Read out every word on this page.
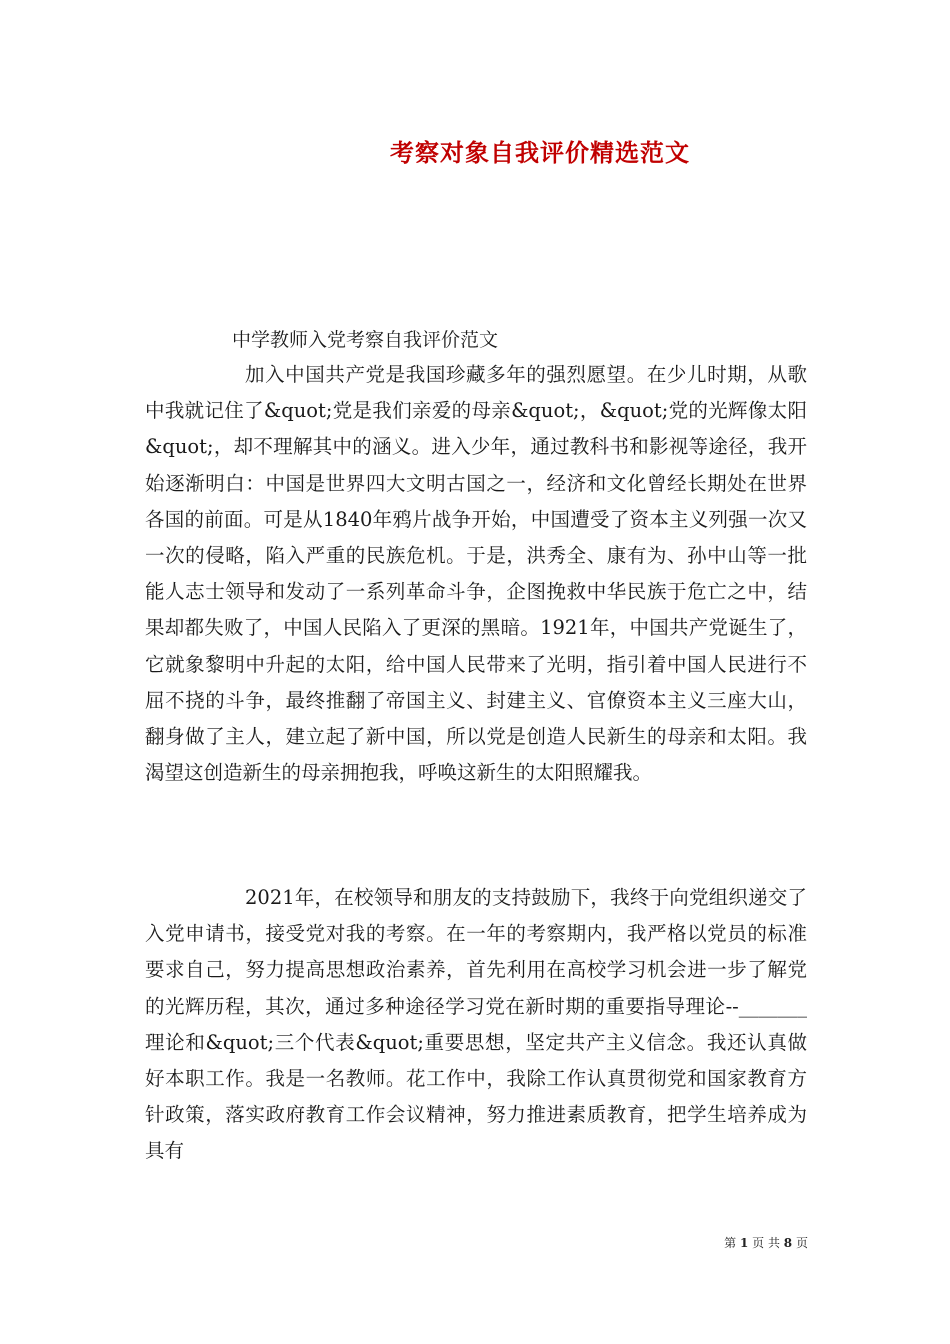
考察对象自我评价精选范文
中学教师入党考察自我评价范文

加入中国共产党是我国珍藏多年的强烈愿望。在少儿时期，从歌中我就记住了&quot;党是我们亲爱的母亲&quot;，&quot;党的光辉像太阳&quot;，却不理解其中的涵义。进入少年，通过教科书和影视等途径，我开始逐渐明白：中国是世界四大文明古国之一，经济和文化曾经长期处在世界各国的前面。可是从1840年鸦片战争开始，中国遭受了资本主义列强一次又一次的侵略，陷入严重的民族危机。于是，洪秀全、康有为、孙中山等一批能人志士领导和发动了一系列革命斗争，企图挽救中华民族于危亡之中，结果却都失败了，中国人民陷入了更深的黑暗。1921年，中国共产党诞生了，它就象黎明中升起的太阳，给中国人民带来了光明，指引着中国人民进行不屈不挠的斗争，最终推翻了帝国主义、封建主义、官僚资本主义三座大山，翻身做了主人，建立起了新中国，所以党是创造人民新生的母亲和太阳。我渴望这创造新生的母亲拥抱我，呼唤这新生的太阳照耀我。

2021年，在校领导和朋友的支持鼓励下，我终于向党组织递交了入党申请书，接受党对我的考察。在一年的考察期内，我严格以党员的标准要求自己，努力提高思想政治素养，首先利用在高校学习机会进一步了解党的光辉历程，其次，通过多种途径学习党在新时期的重要指导理论--_______理论和&quot;三个代表&quot;重要思想，坚定共产主义信念。我还认真做好本职工作。我是一名教师。花工作中，我除工作认真贯彻党和国家教育方针政策，落实政府教育工作会议精神，努力推进素质教育，把学生培养成为具有

第 1 页 共 8 页
